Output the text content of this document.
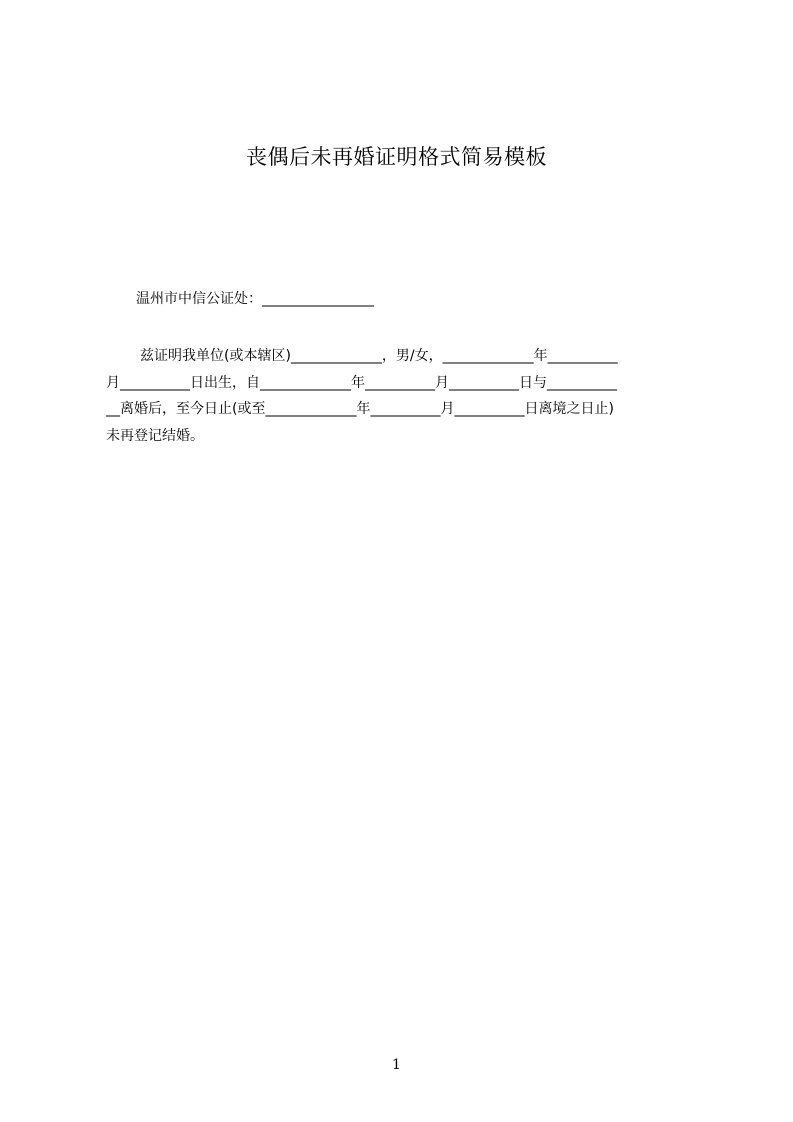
丧偶后未再婚证明格式简易模板
温州市中信公证处：________________
兹证明我单位(或本辖区)_____________，男/女，_____________年__________
月__________日出生，自_____________年__________月__________日与__________
__离婚后，至今日止(或至_____________年__________月__________日离境之日止)
未再登记结婚。
1
